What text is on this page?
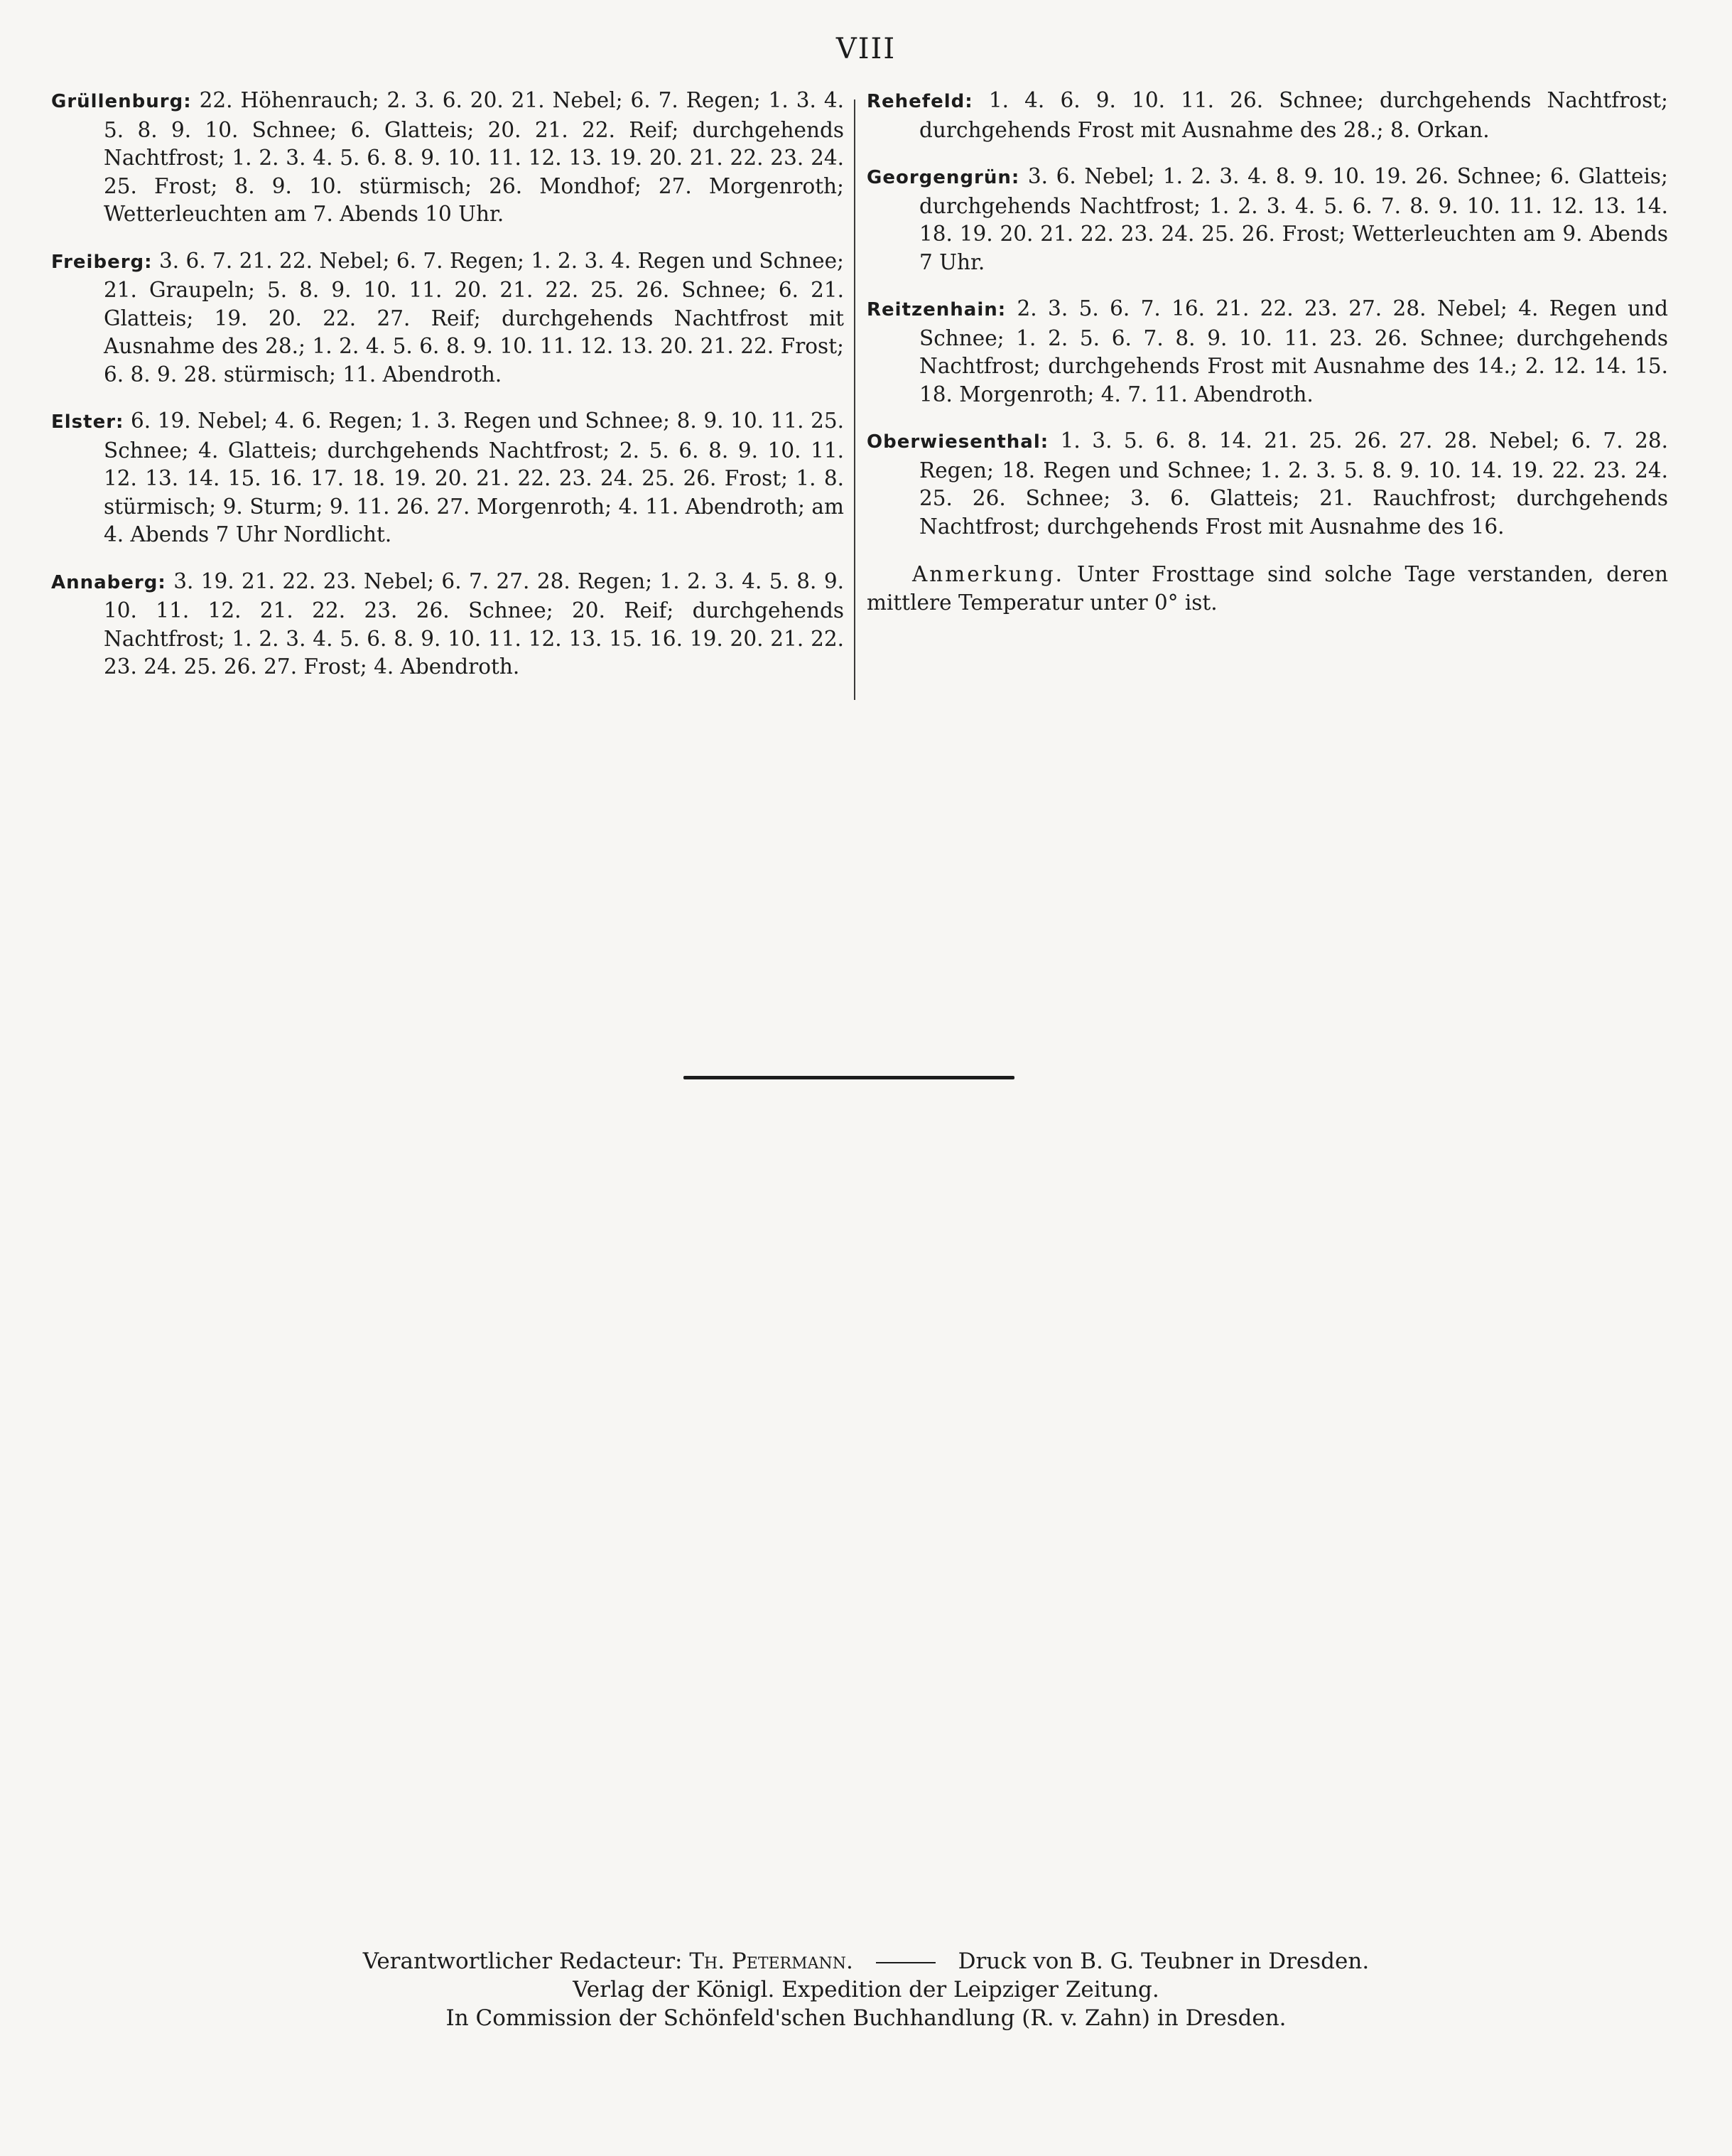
VIII

Grüllenburg: 22. Höhenrauch; 2. 3. 6. 20. 21. Nebel; 6. 7. Regen; 1. 3. 4. 5. 8. 9. 10. Schnee; 6. Glatteis; 20. 21. 22. Reif; durchgehends Nachtfrost; 1. 2. 3. 4. 5. 6. 8. 9. 10. 11. 12. 13. 19. 20. 21. 22. 23. 24. 25. Frost; 8. 9. 10. stürmisch; 26. Mondhof; 27. Morgenroth; Wetterleuchten am 7. Abends 10 Uhr.

Freiberg: 3. 6. 7. 21. 22. Nebel; 6. 7. Regen; 1. 2. 3. 4. Regen und Schnee; 21. Graupeln; 5. 8. 9. 10. 11. 20. 21. 22. 25. 26. Schnee; 6. 21. Glatteis; 19. 20. 22. 27. Reif; durchgehends Nachtfrost mit Ausnahme des 28.; 1. 2. 4. 5. 6. 8. 9. 10. 11. 12. 13. 20. 21. 22. Frost; 6. 8. 9. 28. stürmisch; 11. Abendroth.

Elster: 6. 19. Nebel; 4. 6. Regen; 1. 3. Regen und Schnee; 8. 9. 10. 11. 25. Schnee; 4. Glatteis; durchgehends Nachtfrost; 2. 5. 6. 8. 9. 10. 11. 12. 13. 14. 15. 16. 17. 18. 19. 20. 21. 22. 23. 24. 25. 26. Frost; 1. 8. stürmisch; 9. Sturm; 9. 11. 26. 27. Morgenroth; 4. 11. Abendroth; am 4. Abends 7 Uhr Nordlicht.

Annaberg: 3. 19. 21. 22. 23. Nebel; 6. 7. 27. 28. Regen; 1. 2. 3. 4. 5. 8. 9. 10. 11. 12. 21. 22. 23. 26. Schnee; 20. Reif; durchgehends Nachtfrost; 1. 2. 3. 4. 5. 6. 8. 9. 10. 11. 12. 13. 15. 16. 19. 20. 21. 22. 23. 24. 25. 26. 27. Frost; 4. Abendroth.

Rehefeld: 1. 4. 6. 9. 10. 11. 26. Schnee; durchgehends Nachtfrost; durchgehends Frost mit Ausnahme des 28.; 8. Orkan.

Georgengrün: 3. 6. Nebel; 1. 2. 3. 4. 8. 9. 10. 19. 26. Schnee; 6. Glatteis; durchgehends Nachtfrost; 1. 2. 3. 4. 5. 6. 7. 8. 9. 10. 11. 12. 13. 14. 18. 19. 20. 21. 22. 23. 24. 25. 26. Frost; Wetterleuchten am 9. Abends 7 Uhr.

Reitzenhain: 2. 3. 5. 6. 7. 16. 21. 22. 23. 27. 28. Nebel; 4. Regen und Schnee; 1. 2. 5. 6. 7. 8. 9. 10. 11. 23. 26. Schnee; durchgehends Nachtfrost; durchgehends Frost mit Ausnahme des 14.; 2. 12. 14. 15. 18. Morgenroth; 4. 7. 11. Abendroth.

Oberwiesenthal: 1. 3. 5. 6. 8. 14. 21. 25. 26. 27. 28. Nebel; 6. 7. 28. Regen; 18. Regen und Schnee; 1. 2. 3. 5. 8. 9. 10. 14. 19. 22. 23. 24. 25. 26. Schnee; 3. 6. Glatteis; 21. Rauchfrost; durchgehends Nachtfrost; durchgehends Frost mit Ausnahme des 16.

Anmerkung. Unter Frosttage sind solche Tage verstanden, deren mittlere Temperatur unter 0° ist.

Verantwortlicher Redacteur: Th. Petermann.	Druck von B. G. Teubner in Dresden.
Verlag der Königl. Expedition der Leipziger Zeitung.
In Commission der Schönfeld'schen Buchhandlung (R. v. Zahn) in Dresden.
